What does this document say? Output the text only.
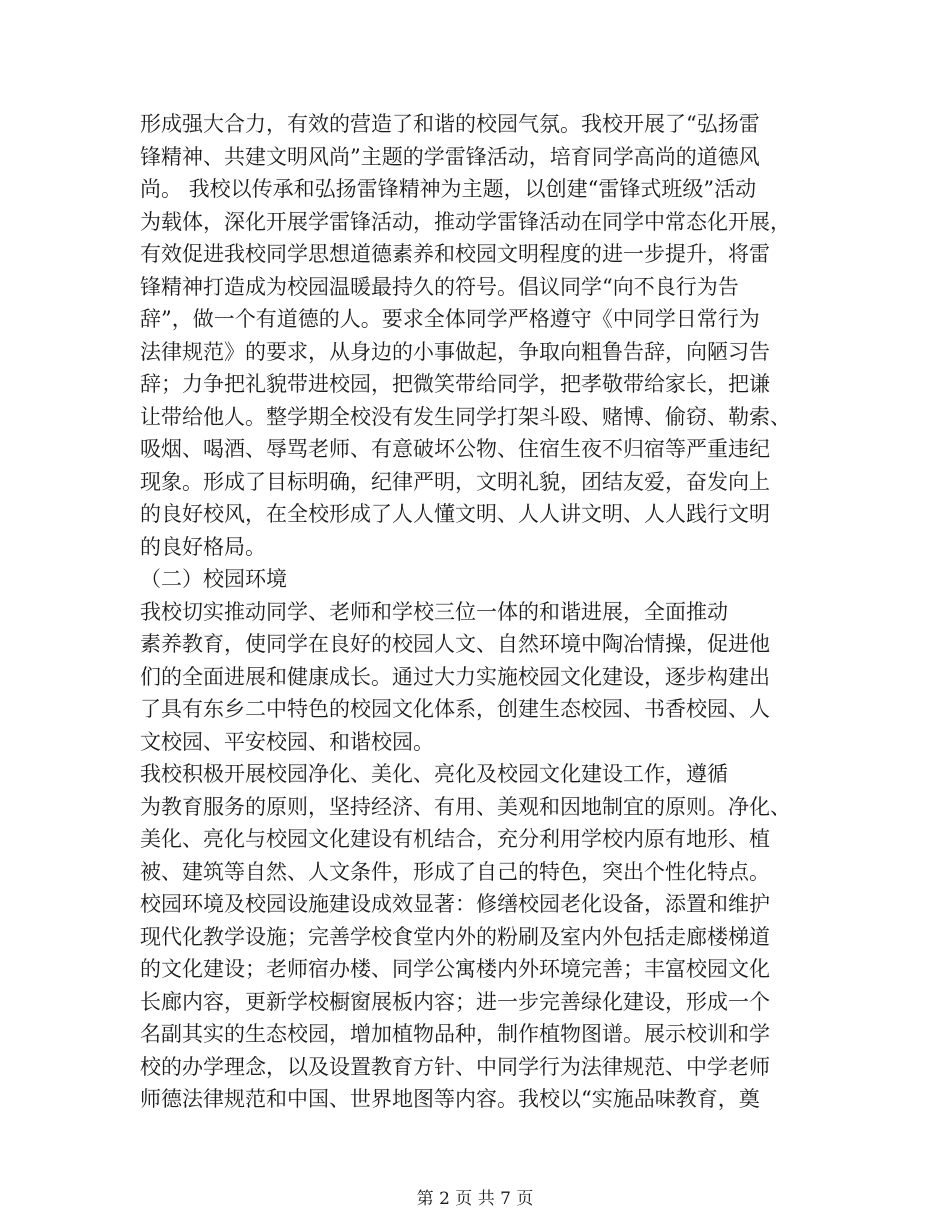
形成强大合力，有效的营造了和谐的校园气氛。我校开展了“弘扬雷
锋精神、共建文明风尚”主题的学雷锋活动，培育同学高尚的道德风
尚。 我校以传承和弘扬雷锋精神为主题，以创建“雷锋式班级”活动
为载体，深化开展学雷锋活动，推动学雷锋活动在同学中常态化开展，
有效促进我校同学思想道德素养和校园文明程度的进一步提升，将雷
锋精神打造成为校园温暖最持久的符号。倡议同学“向不良行为告
辞”，做一个有道德的人。要求全体同学严格遵守《中同学日常行为
法律规范》的要求，从身边的小事做起，争取向粗鲁告辞，向陋习告
辞；力争把礼貌带进校园，把微笑带给同学，把孝敬带给家长，把谦
让带给他人。整学期全校没有发生同学打架斗殴、赌博、偷窃、勒索、
吸烟、喝酒、辱骂老师、有意破坏公物、住宿生夜不归宿等严重违纪
现象。形成了目标明确，纪律严明，文明礼貌，团结友爱，奋发向上
的良好校风，在全校形成了人人懂文明、人人讲文明、人人践行文明
的良好格局。
（二）校园环境
我校切实推动同学、老师和学校三位一体的和谐进展，全面推动
素养教育，使同学在良好的校园人文、自然环境中陶冶情操，促进他
们的全面进展和健康成长。通过大力实施校园文化建设，逐步构建出
了具有东乡二中特色的校园文化体系，创建生态校园、书香校园、人
文校园、平安校园、和谐校园。
我校积极开展校园净化、美化、亮化及校园文化建设工作，遵循
为教育服务的原则，坚持经济、有用、美观和因地制宜的原则。净化、
美化、亮化与校园文化建设有机结合，充分利用学校内原有地形、植
被、建筑等自然、人文条件，形成了自己的特色，突出个性化特点。
校园环境及校园设施建设成效显著：修缮校园老化设备，添置和维护
现代化教学设施；完善学校食堂内外的粉刷及室内外包括走廊楼梯道
的文化建设；老师宿办楼、同学公寓楼内外环境完善；丰富校园文化
长廊内容，更新学校橱窗展板内容；进一步完善绿化建设，形成一个
名副其实的生态校园，增加植物品种，制作植物图谱。展示校训和学
校的办学理念，以及设置教育方针、中同学行为法律规范、中学老师
师德法律规范和中国、世界地图等内容。我校以“实施品味教育，奠
第 2 页 共 7 页
